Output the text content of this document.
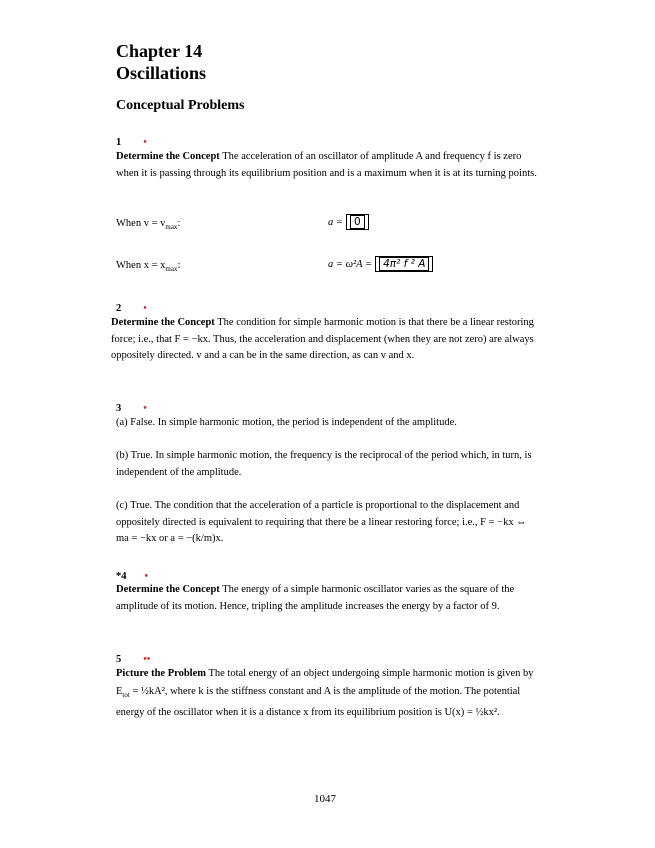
Chapter 14
Oscillations
Conceptual Problems
1 •
Determine the Concept The acceleration of an oscillator of amplitude A and frequency f is zero when it is passing through its equilibrium position and is a maximum when it is at its turning points.
When $v = v_{max}$:	a = 0
When $x = x_{max}$:	a = ω²A = 4π² f ² A
2 •
Determine the Concept The condition for simple harmonic motion is that there be a linear restoring force; i.e., that F = −kx. Thus, the acceleration and displacement (when they are not zero) are always oppositely directed. v and a can be in the same direction, as can v and x.
3 •
(a) False. In simple harmonic motion, the period is independent of the amplitude.
(b) True. In simple harmonic motion, the frequency is the reciprocal of the period which, in turn, is independent of the amplitude.
(c) True. The condition that the acceleration of a particle is proportional to the displacement and oppositely directed is equivalent to requiring that there be a linear restoring force; i.e., F = −kx ⇔ ma = −kx or a = −(k/m)x.
*4 •
Determine the Concept The energy of a simple harmonic oscillator varies as the square of the amplitude of its motion. Hence, tripling the amplitude increases the energy by a factor of 9.
5 ••
Picture the Problem The total energy of an object undergoing simple harmonic motion is given by $E_{tot}$ = ½kA², where k is the stiffness constant and A is the amplitude of the motion. The potential energy of the oscillator when it is a distance x from its equilibrium position is U(x) = ½kx².
1047
